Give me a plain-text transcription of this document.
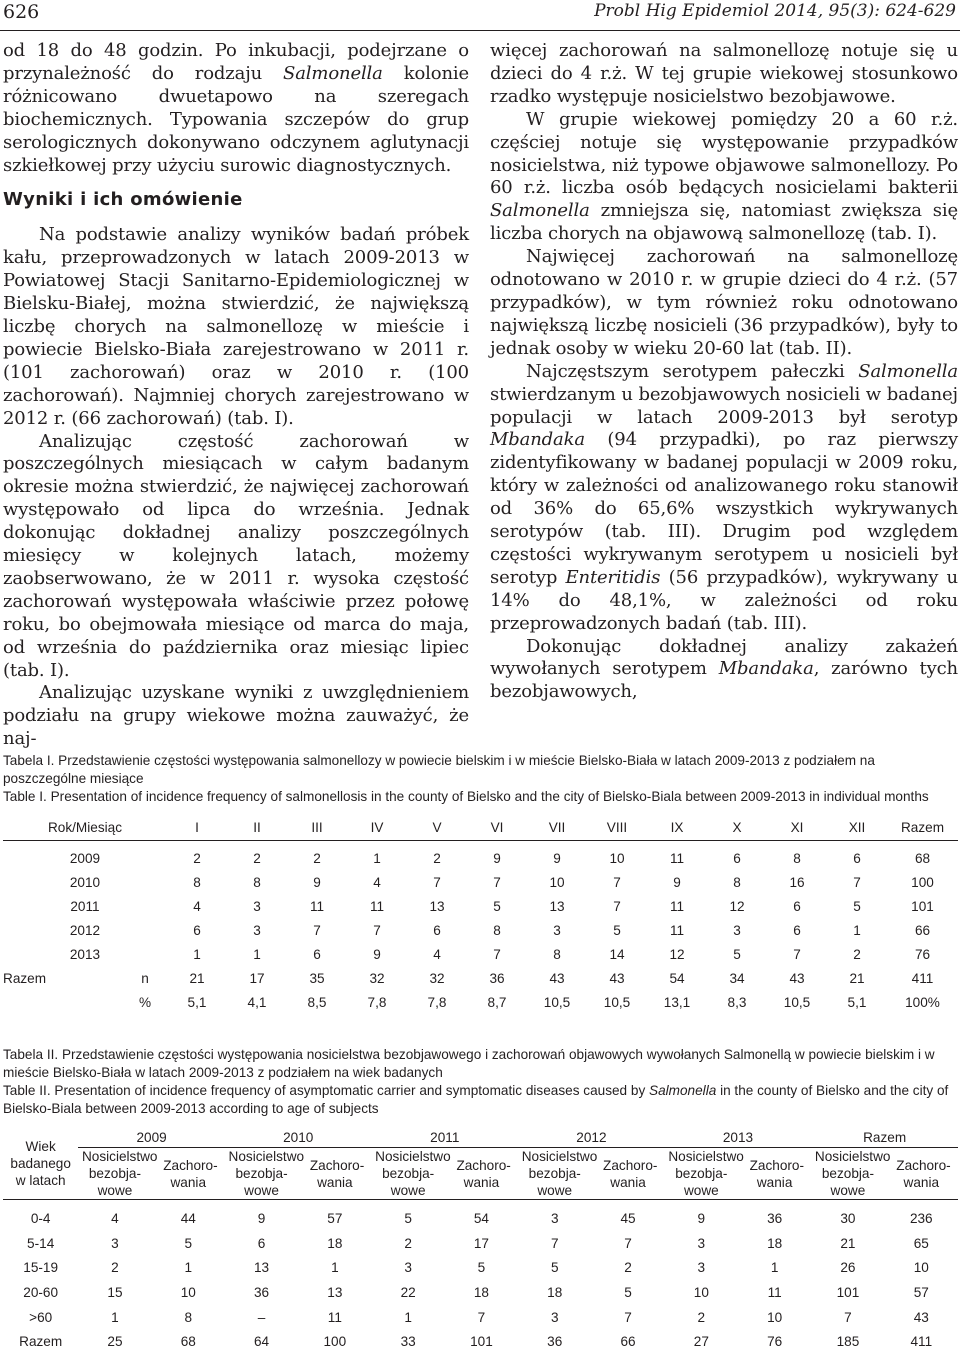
626	Probl Hig Epidemiol 2014, 95(3): 624-629

od 18 do 48 godzin. Po inkubacji, podejrzane o przynależność do rodzaju Salmonella kolonie różnicowano dwuetapowo na szeregach biochemicznych. Typowania szczepów do grup serologicznych dokonywano odczynem aglutynacji szkiełkowej przy użyciu surowic diagnostycznych.

Wyniki i ich omówienie

Na podstawie analizy wyników badań próbek kału, przeprowadzonych w latach 2009-2013 w Powiatowej Stacji Sanitarno-Epidemiologicznej w Bielsku-Białej, można stwierdzić, że największą liczbę chorych na salmonellozę w mieście i powiecie Bielsko-Biała zarejestrowano w 2011 r. (101 zachorowań) oraz w 2010 r. (100 zachorowań). Najmniej chorych zarejestrowano w 2012 r. (66 zachorowań) (tab. I).

Analizując częstość zachorowań w poszczególnych miesiącach w całym badanym okresie można stwierdzić, że najwięcej zachorowań występowało od lipca do września. Jednak dokonując dokładnej analizy poszczególnych miesięcy w kolejnych latach, możemy zaobserwowano, że w 2011 r. wysoka częstość zachorowań występowała właściwie przez połowę roku, bo obejmowała miesiące od marca do maja, od września do października oraz miesiąc lipiec (tab. I).

Analizując uzyskane wyniki z uwzględnieniem podziału na grupy wiekowe można zauważyć, że naj-

więcej zachorowań na salmonellozę notuje się u dzieci do 4 r.ż. W tej grupie wiekowej stosunkowo rzadko występuje nosicielstwo bezobjawowe.

W grupie wiekowej pomiędzy 20 a 60 r.ż. częściej notuje się występowanie przypadków nosicielstwa, niż typowe objawowe salmonellozy. Po 60 r.ż. liczba osób będących nosicielami bakterii Salmonella zmniejsza się, natomiast zwiększa się liczba chorych na objawową salmonellozę (tab. I).

Najwięcej zachorowań na salmonellozę odnotowano w 2010 r. w grupie dzieci do 4 r.ż. (57 przypadków), w tym również roku odnotowano największą liczbę nosicieli (36 przypadków), były to jednak osoby w wieku 20-60 lat (tab. II).

Najczęstszym serotypem pałeczki Salmonella stwierdzanym u bezobjawowych nosicieli w badanej populacji w latach 2009-2013 był serotyp Mbandaka (94 przypadki), po raz pierwszy zidentyfikowany w badanej populacji w 2009 roku, który w zależności od analizowanego roku stanowił od 36% do 65,6% wszystkich wykrywanych serotypów (tab. III). Drugim pod względem częstości wykrywanym serotypem u nosicieli był serotyp Enteritidis (56 przypadków), wykrywany u 14% do 48,1%, w zależności od roku przeprowadzonych badań (tab. III).

Dokonując dokładnej analizy zakażeń wywołanych serotypem Mbandaka, zarówno tych bezobjawowych,

Tabela I. Przedstawienie częstości występowania salmonellozy w powiecie bielskim i w mieście Bielsko-Biała w latach 2009-2013 z podziałem na poszczególne miesiące

Table I. Presentation of incidence frequency of salmonellosis in the county of Bielsko and the city of Bielsko-Biala between 2009-2013 in individual months

Rok/Miesiąc		I	II	III	IV	V	VI	VII	VIII	IX	X	XI	XII	Razem
2009		2	2	2	1	2	9	9	10	11	6	8	6	68
2010		8	8	9	4	7	7	10	7	9	8	16	7	100
2011		4	3	11	11	13	5	13	7	11	12	6	5	101
2012		6	3	7	7	6	8	3	5	11	3	6	1	66
2013		1	1	6	9	4	7	8	14	12	5	7	2	76
Razem	n	21	17	35	32	32	36	43	43	54	34	43	21	411
	%	5,1	4,1	8,5	7,8	7,8	8,7	10,5	10,5	13,1	8,3	10,5	5,1	100%

Tabela II. Przedstawienie częstości występowania nosicielstwa bezobjawowego i zachorowań objawowych wywołanych Salmonellą w powiecie bielskim i w mieście Bielsko-Biała w latach 2009-2013 z podziałem na wiek badanych

Table II. Presentation of incidence frequency of asymptomatic carrier and symptomatic diseases caused by Salmonella in the county of Bielsko and the city of Bielsko-Biala between 2009-2013 according to age of subjects

Wiek badanego w latach	2009		2010		2011		2012		2013		Razem	

	Nosicielstwo bezobja-wowe	Zachoro-wania	Nosicielstwo bezobja-wowe	Zachoro-wania	Nosicielstwo bezobja-wowe	Zachoro-wania	Nosicielstwo bezobja-wowe	Zachoro-wania	Nosicielstwo bezobja-wowe	Zachoro-wania	Nosicielstwo bezobja-wowe	Zachoro-wania

0-4	4	44	9	57	5	54	3	45	9	36	30	236
5-14	3	5	6	18	2	17	7	7	3	18	21	65
15-19	2	1	13	1	3	5	5	2	3	1	26	10
20-60	15	10	36	13	22	18	18	5	10	11	101	57
>60	1	8	–	11	1	7	3	7	2	10	7	43
Razem	25	68	64	100	33	101	36	66	27	76	185	411
